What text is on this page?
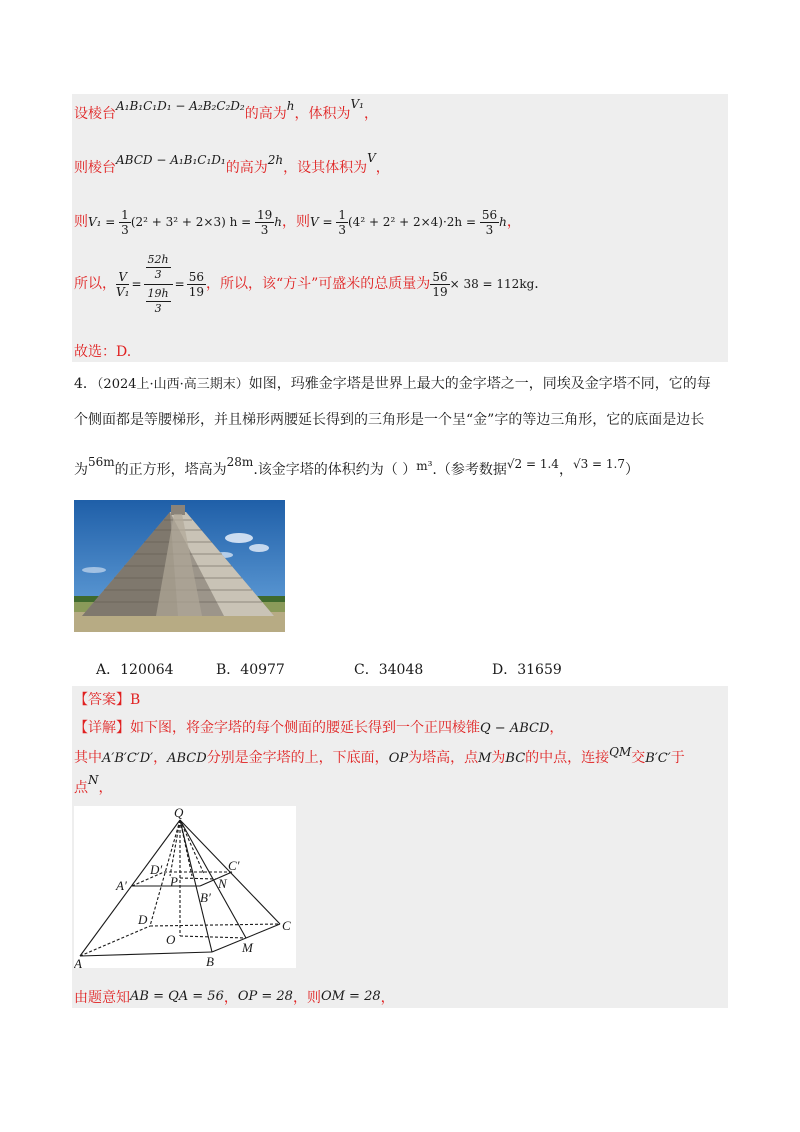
设棱台A₁B₁C₁D₁ − A₂B₂C₂D₂的高为h，体积为V₁，
则棱台ABCD − A₁B₁C₁D₁的高为2h，设其体积为V，
则$V_1 = \frac{1}{3} (2^2 + 3^2 + 2\times 3) h = \frac{19}{3}$ h，则$V = \frac{1}{3} (4^2 + 2^2 + 2\times 4)\cdot 2h = \frac{56}{3}$ h，
所以， $\frac{V}{\text{V₁}} = \frac{\frac{52h}{3}}{\frac{19h}{3}} = \frac{56}{19}$ ，所以，该“方斗”可盛米的总质量为 $\frac{56}{19} \times 38 = 112kg$.
故选：D.
4．（2024上·山西·高三期末）如图，玛雅金字塔是世界上最大的金字塔之一，同埃及金字塔不同，它的每
个侧面都是等腰梯形，并且梯形两腰延长得到的三角形是一个呈“金”字的等边三角形，它的底面是边长
为56m的正方形，塔高为28m.该金字塔的体积约为（ ）m³.（参考数据√2 = 1.4，√3 = 1.7）
A．120064	B．40977	C．34048	D．31659
【答案】B
【详解】如下图，将金字塔的每个侧面的腰延长得到一个正四棱锥Q − ABCD，
其中A′B′C′D′，ABCD分别是金字塔的上，下底面，OP为塔高，点M为BC的中点，连接QM交B′C′于
点N，
Q
D′	C′
P	N
A′
B′
D	C
O
M
A	B
由题意知AB = QA = 56，OP = 28，则OM = 28，
